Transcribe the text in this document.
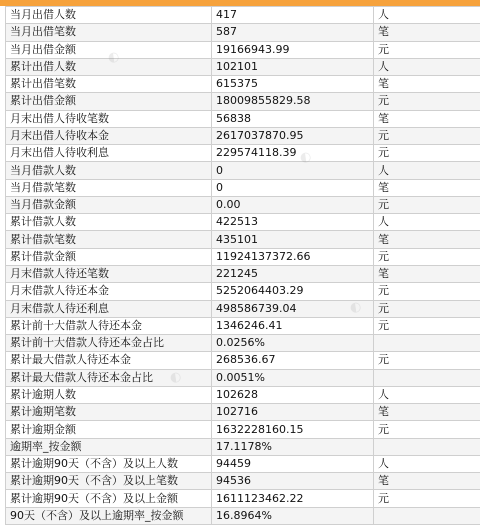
当月出借人数	417	人
当月出借笔数	587	笔
当月出借金额	19166943.99	元
累计出借人数	102101	人
累计出借笔数	615375	笔
累计出借金额	18009855829.58	元
月末出借人待收笔数	56838	笔
月末出借人待收本金	2617037870.95	元
月末出借人待收利息	229574118.39	元
当月借款人数	0	人
当月借款笔数	0	笔
当月借款金额	0.00	元
累计借款人数	422513	人
累计借款笔数	435101	笔
累计借款金额	11924137372.66	元
月末借款人待还笔数	221245	笔
月末借款人待还本金	5252064403.29	元
月末借款人待还利息	498586739.04	元
累计前十大借款人待还本金	1346246.41	元
累计前十大借款人待还本金占比	0.0256%	
累计最大借款人待还本金	268536.67	元
累计最大借款人待还本金占比	0.0051%	
累计逾期人数	102628	人
累计逾期笔数	102716	笔
累计逾期金额	1632228160.15	元
逾期率_按金额	17.1178%	
累计逾期90天（不含）及以上人数	94459	人
累计逾期90天（不含）及以上笔数	94536	笔
累计逾期90天（不含）及以上金额	1611123462.22	元
90天（不含）及以上逾期率_按金额	16.8964%	
